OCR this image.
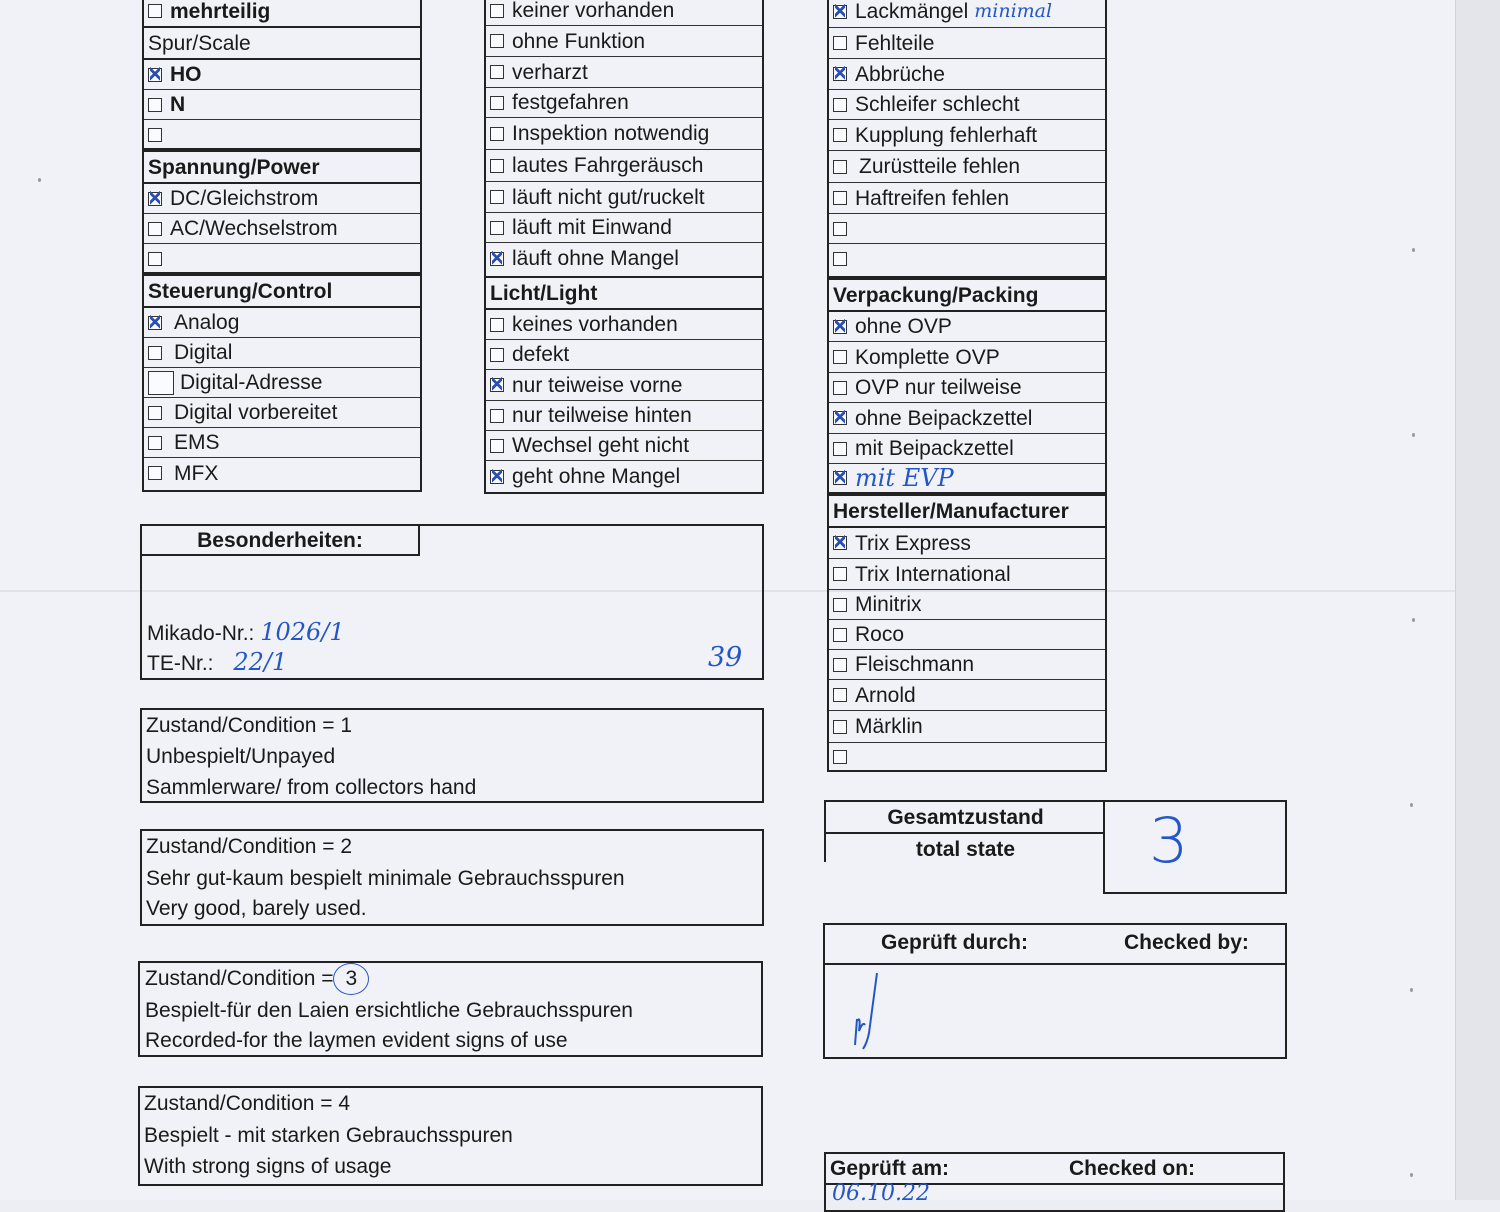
mehrteilig
Spur/Scale
HO
N
Spannung/Power
DC/Gleichstrom
AC/Wechselstrom
Steuerung/Control
Analog
Digital
Digital-Adresse
Digital vorbereitet
EMS
MFX
keiner vorhanden
ohne Funktion
verharzt
festgefahren
Inspektion notwendig
lautes Fahrgeräusch
läuft nicht gut/ruckelt
läuft mit Einwand
läuft ohne Mangel
Licht/Light
keines vorhanden
defekt
nur teiweise vorne
nur teilweise hinten
Wechsel geht nicht
geht ohne Mangel
Lackmängel minimal
Fehlteile
Abbrüche
Schleifer schlecht
Kupplung fehlerhaft
Zurüstteile fehlen
Haftreifen fehlen
Verpackung/Packing
ohne OVP
Komplette OVP
OVP nur teilweise
ohne Beipackzettel
mit Beipackzettel
mit EVP
Hersteller/Manufacturer
Trix Express
Trix International
Minitrix
Roco
Fleischmann
Arnold
Märklin
Besonderheiten:
Mikado-Nr.: 1026/1
TE-Nr.: 22/1	39
Zustand/Condition = 1
Unbespielt/Unpayed
Sammlerware/ from collectors hand
Zustand/Condition = 2
Sehr gut-kaum bespielt minimale Gebrauchsspuren
Very good, barely used.
Zustand/Condition = 3
Bespielt-für den Laien ersichtliche Gebrauchsspuren
Recorded-for the laymen evident signs of use
Zustand/Condition = 4
Bespielt - mit starken Gebrauchsspuren
With strong signs of usage
Gesamtzustand
total state	3
Geprüft durch:	Checked by:
Geprüft am:	Checked on:
06.10.22
